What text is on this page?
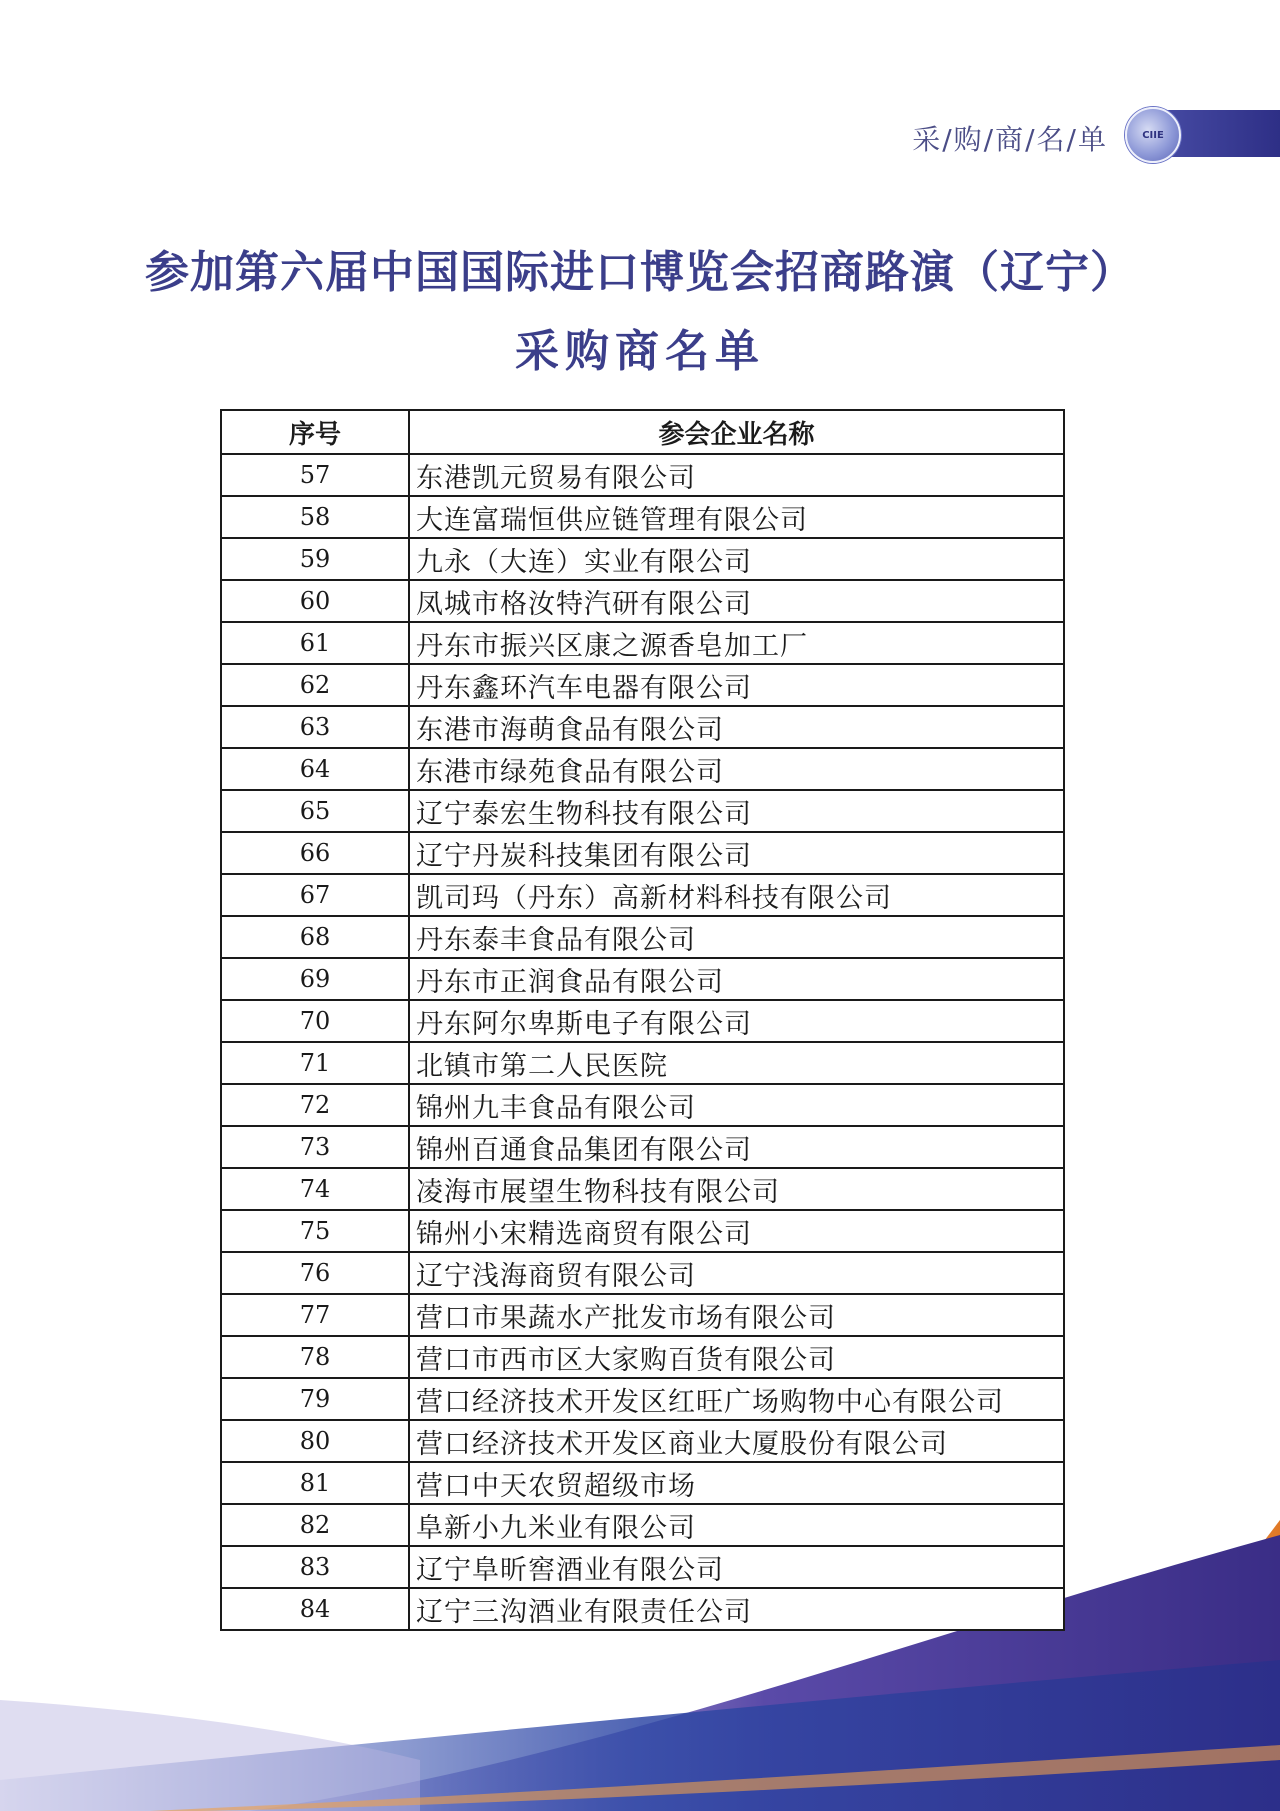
采/购/商/名/单	CIIE
参加第六届中国国际进口博览会招商路演（辽宁）
采购商名单
序号	参会企业名称
57	东港凯元贸易有限公司
58	大连富瑞恒供应链管理有限公司
59	九永（大连）实业有限公司
60	凤城市格汝特汽研有限公司
61	丹东市振兴区康之源香皂加工厂
62	丹东鑫环汽车电器有限公司
63	东港市海萌食品有限公司
64	东港市绿苑食品有限公司
65	辽宁泰宏生物科技有限公司
66	辽宁丹炭科技集团有限公司
67	凯司玛（丹东）高新材料科技有限公司
68	丹东泰丰食品有限公司
69	丹东市正润食品有限公司
70	丹东阿尔卑斯电子有限公司
71	北镇市第二人民医院
72	锦州九丰食品有限公司
73	锦州百通食品集团有限公司
74	凌海市展望生物科技有限公司
75	锦州小宋精选商贸有限公司
76	辽宁浅海商贸有限公司
77	营口市果蔬水产批发市场有限公司
78	营口市西市区大家购百货有限公司
79	营口经济技术开发区红旺广场购物中心有限公司
80	营口经济技术开发区商业大厦股份有限公司
81	营口中天农贸超级市场
82	阜新小九米业有限公司
83	辽宁阜昕窖酒业有限公司
84	辽宁三沟酒业有限责任公司
